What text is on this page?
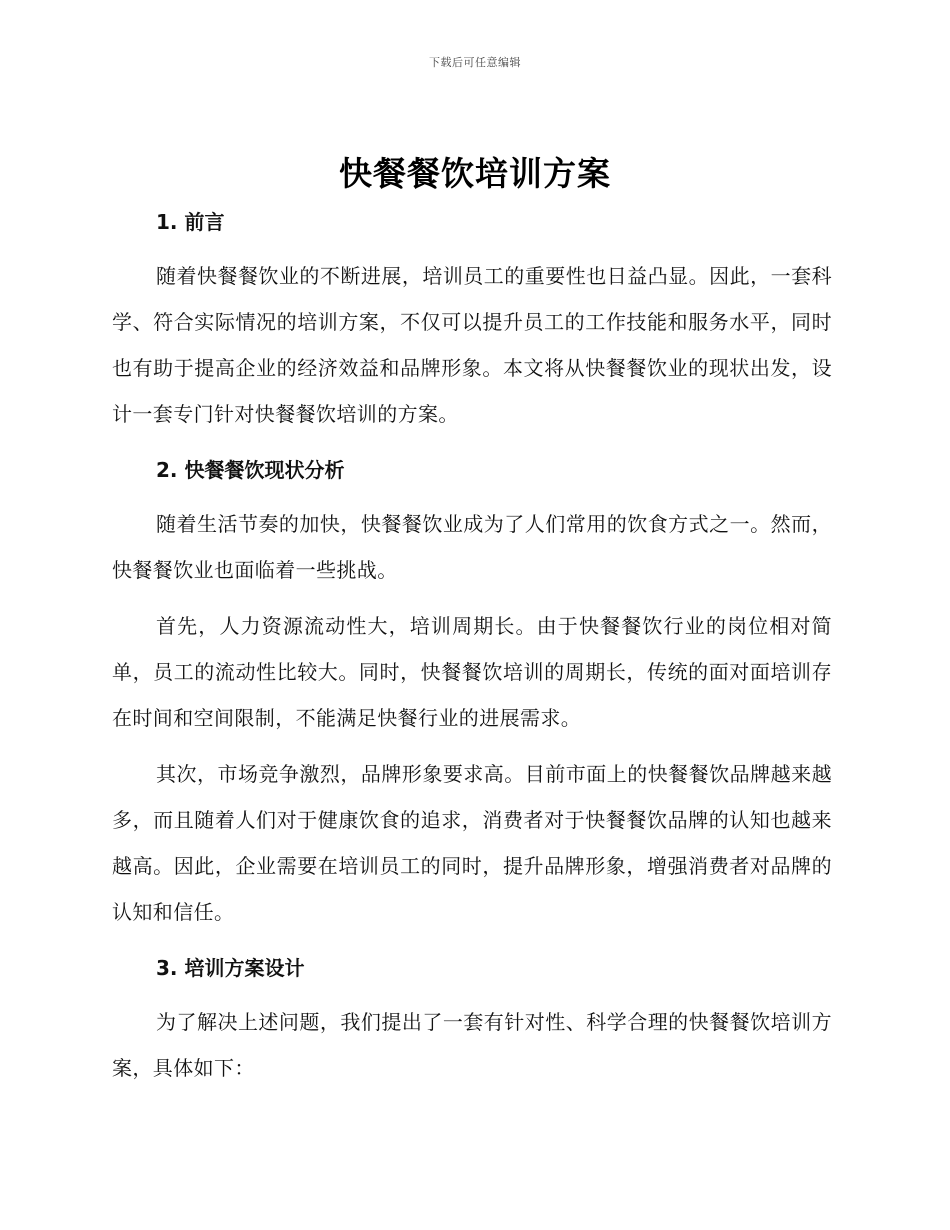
下载后可任意编辑
快餐餐饮培训方案
1. 前言

随着快餐餐饮业的不断进展，培训员工的重要性也日益凸显。因此，一套科学、符合实际情况的培训方案，不仅可以提升员工的工作技能和服务水平，同时也有助于提高企业的经济效益和品牌形象。本文将从快餐餐饮业的现状出发，设计一套专门针对快餐餐饮培训的方案。

2. 快餐餐饮现状分析

随着生活节奏的加快，快餐餐饮业成为了人们常用的饮食方式之一。然而，快餐餐饮业也面临着一些挑战。

首先，人力资源流动性大，培训周期长。由于快餐餐饮行业的岗位相对简单，员工的流动性比较大。同时，快餐餐饮培训的周期长，传统的面对面培训存在时间和空间限制，不能满足快餐行业的进展需求。

其次，市场竞争激烈，品牌形象要求高。目前市面上的快餐餐饮品牌越来越多，而且随着人们对于健康饮食的追求，消费者对于快餐餐饮品牌的认知也越来越高。因此，企业需要在培训员工的同时，提升品牌形象，增强消费者对品牌的认知和信任。

3. 培训方案设计

为了解决上述问题，我们提出了一套有针对性、科学合理的快餐餐饮培训方案，具体如下：
